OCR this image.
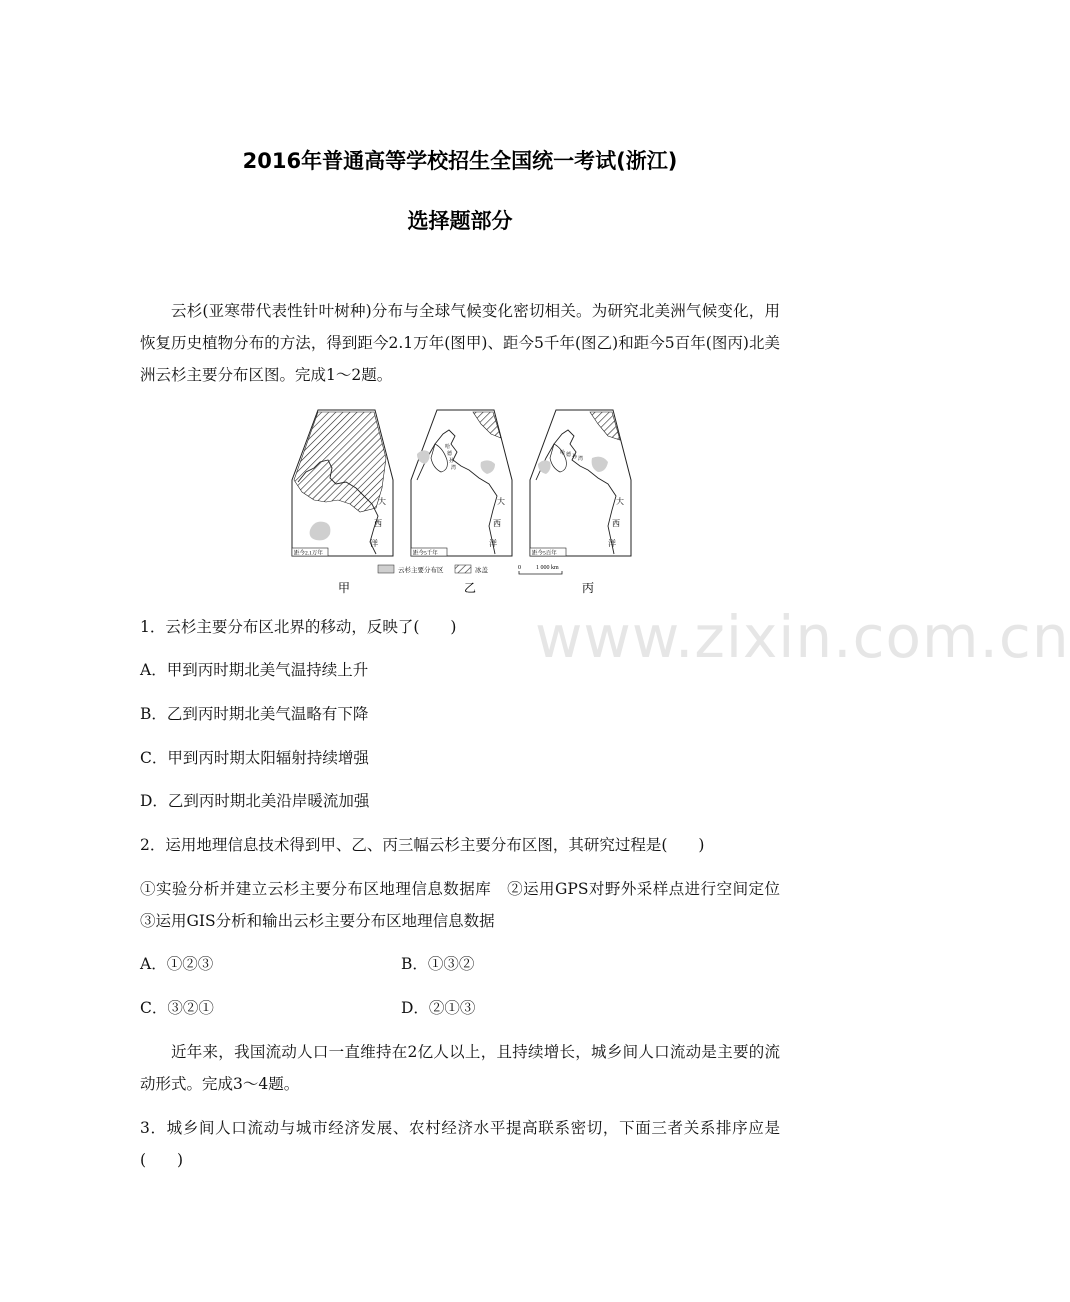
2016年普通高等学校招生全国统一考试(浙江)
选择题部分
云杉(亚寒带代表性针叶树种)分布与全球气候变化密切相关。为研究北美洲气候变化，用恢复历史植物分布的方法，得到距今2.1万年(图甲)、距今5千年(图乙)和距今5百年(图丙)北美洲云杉主要分布区图。完成1～2题。
大
西
洋
距今2.1万年
哈
德
孙
湾
大
西
洋
距今5千年
哈 德 孙 湾
大
西
洋
距今5百年
云杉主要分布区	冰盖	0	1 000 km
甲	乙	丙
www.zixin.com.cn
1．云杉主要分布区北界的移动，反映了(　　)
A．甲到丙时期北美气温持续上升
B．乙到丙时期北美气温略有下降
C．甲到丙时期太阳辐射持续增强
D．乙到丙时期北美沿岸暖流加强
2．运用地理信息技术得到甲、乙、丙三幅云杉主要分布区图，其研究过程是(　　)
①实验分析并建立云杉主要分布区地理信息数据库　②运用GPS对野外采样点进行空间定位　③运用GIS分析和输出云杉主要分布区地理信息数据
A．①②③	B．①③②
C．③②①	D．②①③
近年来，我国流动人口一直维持在2亿人以上，且持续增长，城乡间人口流动是主要的流动形式。完成3～4题。
3．城乡间人口流动与城市经济发展、农村经济水平提高联系密切，下面三者关系排序应是(　　)
